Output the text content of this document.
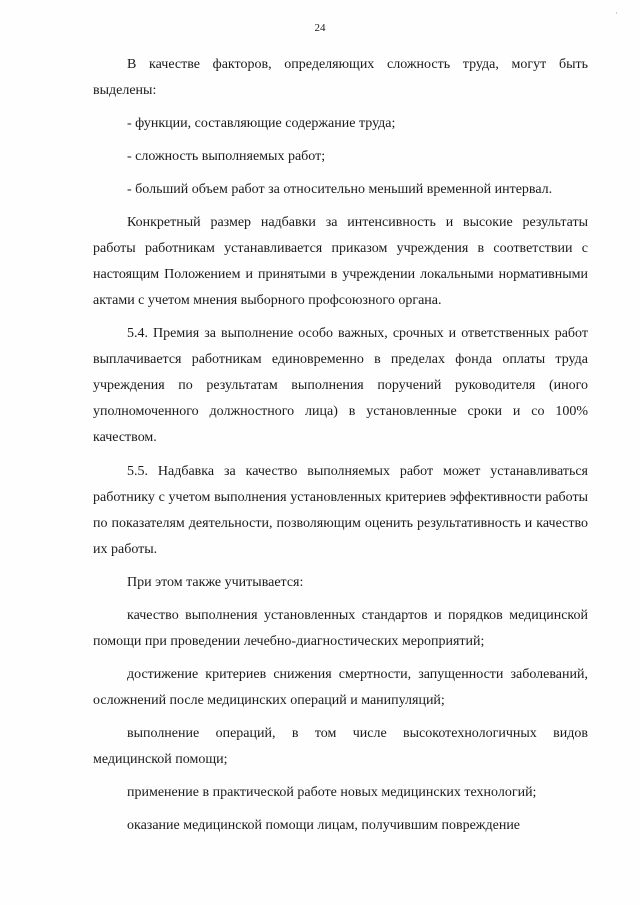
·
24

В качестве факторов, определяющих сложность труда, могут быть выделены:

- функции, составляющие содержание труда;

- сложность выполняемых работ;

- больший объем работ за относительно меньший временной интервал.

Конкретный размер надбавки за интенсивность и высокие результаты работы работникам устанавливается приказом учреждения в соответствии с настоящим Положением и принятыми в учреждении локальными нормативными актами с учетом мнения выборного профсоюзного органа.

5.4. Премия за выполнение особо важных, срочных и ответственных работ выплачивается работникам единовременно в пределах фонда оплаты труда учреждения по результатам выполнения поручений руководителя (иного уполномоченного должностного лица) в установленные сроки и со 100% качеством.

5.5. Надбавка за качество выполняемых работ может устанавливаться работнику с учетом выполнения установленных критериев эффективности работы по показателям деятельности, позволяющим оценить результативность и качество их работы.

При этом также учитывается:

качество выполнения установленных стандартов и порядков медицинской помощи при проведении лечебно-диагностических мероприятий;

достижение критериев снижения смертности, запущенности заболеваний, осложнений после медицинских операций и манипуляций;

выполнение операций, в том числе высокотехнологичных видов медицинской помощи;

применение в практической работе новых медицинских технологий;

оказание медицинской помощи лицам, получившим повреждение
